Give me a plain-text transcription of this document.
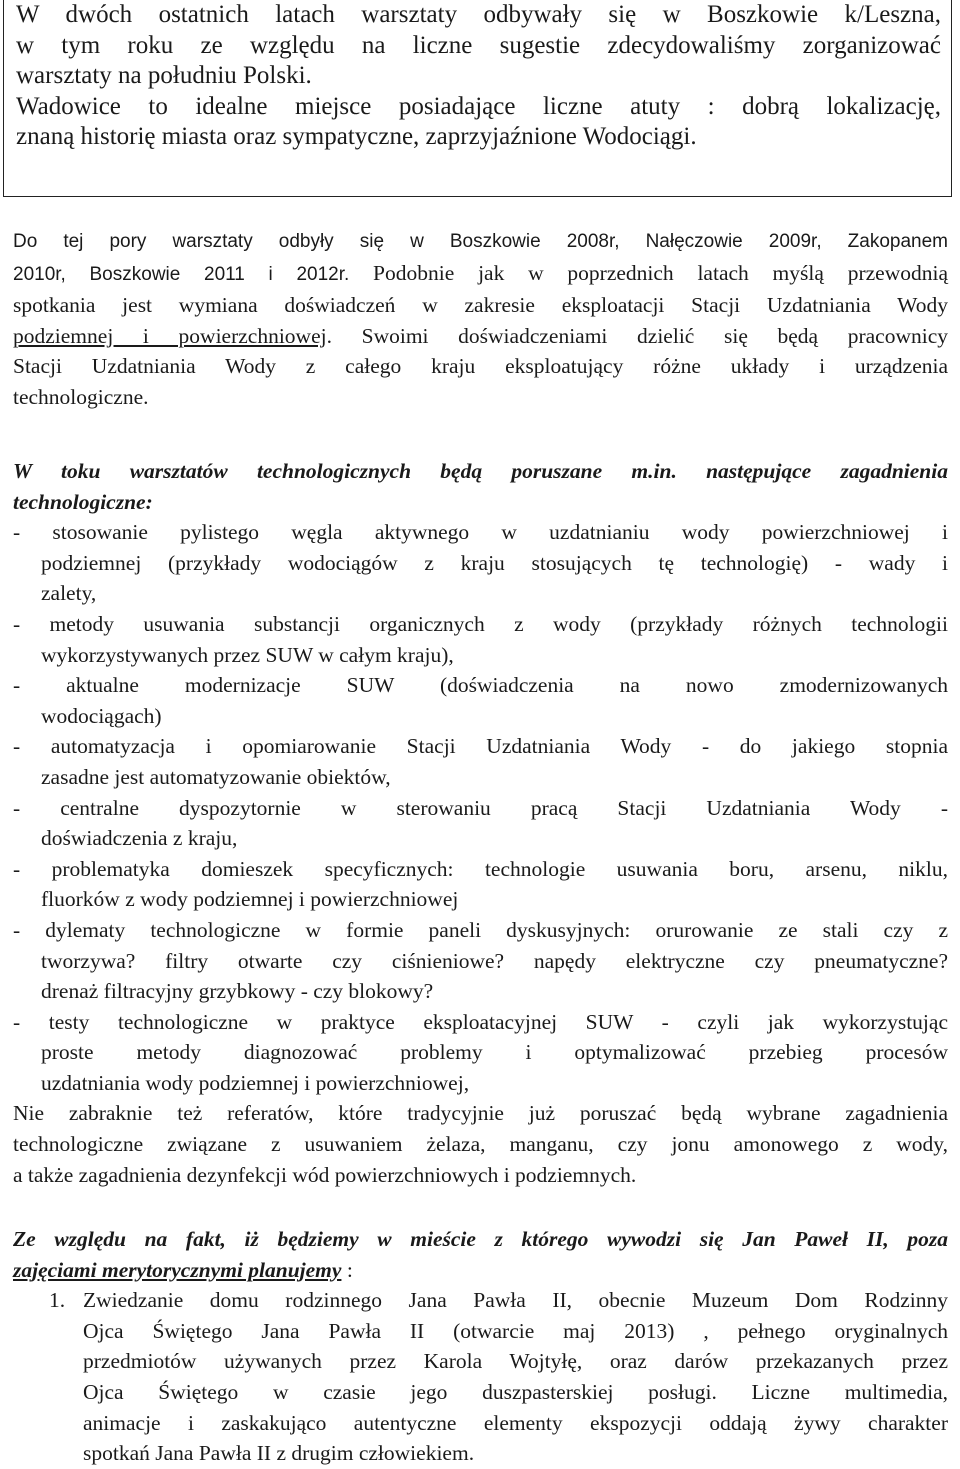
W dwóch ostatnich latach warsztaty odbywały się w Boszkowie k/Leszna,
w tym roku ze względu na liczne sugestie zdecydowaliśmy zorganizować
warsztaty na południu Polski.
Wadowice to idealne miejsce posiadające liczne atuty : dobrą lokalizację,
znaną historię miasta oraz sympatyczne, zaprzyjaźnione Wodociągi.
Do tej pory warsztaty odbyły się w Boszkowie 2008r, Nałęczowie 2009r, Zakopanem
2010r, Boszkowie 2011 i 2012r. Podobnie jak w poprzednich latach myślą przewodnią
spotkania jest wymiana doświadczeń w zakresie eksploatacji Stacji Uzdatniania Wody
podziemnej i powierzchniowej. Swoimi doświadczeniami dzielić się będą pracownicy
Stacji Uzdatniania Wody z całego kraju eksploatujący różne układy i urządzenia
technologiczne.
W toku warsztatów technologicznych będą poruszane m.in. następujące zagadnienia
technologiczne:
- stosowanie pylistego węgla aktywnego w uzdatnianiu wody powierzchniowej i
podziemnej (przykłady wodociągów z kraju stosujących tę technologię) - wady i
zalety,
- metody usuwania substancji organicznych z wody (przykłady różnych technologii
wykorzystywanych przez SUW w całym kraju),
- aktualne modernizacje SUW (doświadczenia na nowo zmodernizowanych
wodociągach)
- automatyzacja i opomiarowanie Stacji Uzdatniania Wody - do jakiego stopnia
zasadne jest automatyzowanie obiektów,
- centralne dyspozytornie w sterowaniu pracą Stacji Uzdatniania Wody -
doświadczenia z kraju,
- problematyka domieszek specyficznych: technologie usuwania boru, arsenu, niklu,
fluorków z wody podziemnej i powierzchniowej
- dylematy technologiczne w formie paneli dyskusyjnych: orurowanie ze stali czy z
tworzywa? filtry otwarte czy ciśnieniowe? napędy elektryczne czy pneumatyczne?
drenaż filtracyjny grzybkowy - czy blokowy?
- testy technologiczne w praktyce eksploatacyjnej SUW - czyli jak wykorzystując
proste metody diagnozować problemy i optymalizować przebieg procesów
uzdatniania wody podziemnej i powierzchniowej,
Nie zabraknie też referatów, które tradycyjnie już poruszać będą wybrane zagadnienia
technologiczne związane z usuwaniem żelaza, manganu, czy jonu amonowego z wody,
a także zagadnienia dezynfekcji wód powierzchniowych i podziemnych.
Ze względu na fakt, iż będziemy w mieście z którego wywodzi się Jan Paweł II, poza
zajęciami merytorycznymi planujemy :
1. Zwiedzanie domu rodzinnego Jana Pawła II, obecnie Muzeum Dom Rodzinny
Ojca Świętego Jana Pawła II (otwarcie maj 2013) , pełnego oryginalnych
przedmiotów używanych przez Karola Wojtyłę, oraz darów przekazanych przez
Ojca Świętego w czasie jego duszpasterskiej posługi. Liczne multimedia,
animacje i zaskakująco autentyczne elementy ekspozycji oddają żywy charakter
spotkań Jana Pawła II z drugim człowiekiem.
